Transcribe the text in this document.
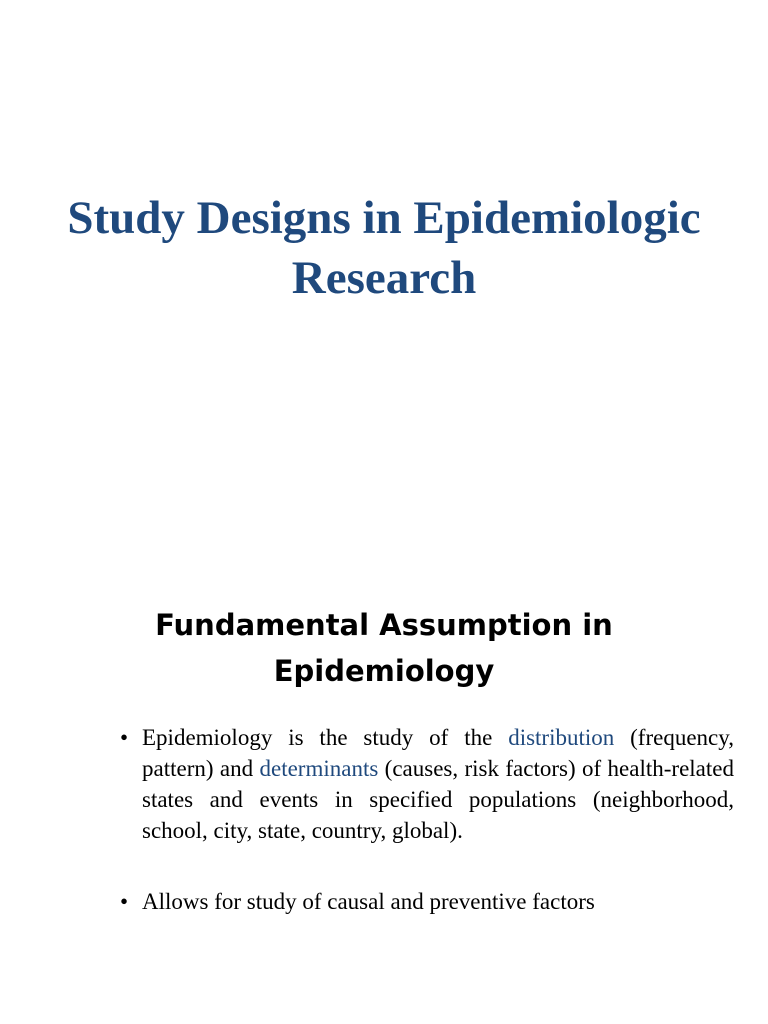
Study Designs in Epidemiologic
Research
Fundamental Assumption in
Epidemiology
• Epidemiology is the study of the distribution (frequency, pattern) and determinants (causes, risk factors) of health-related states and events in specified populations (neighborhood, school, city, state, country, global).
• Allows for study of causal and preventive factors
